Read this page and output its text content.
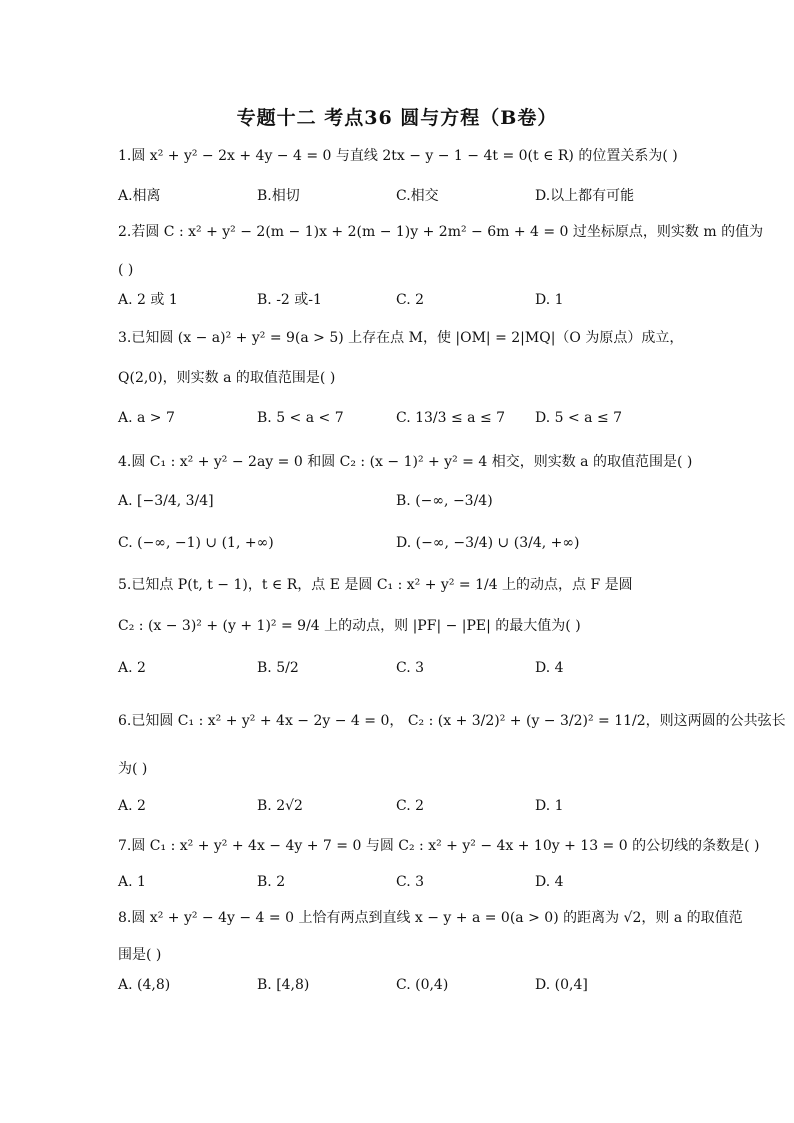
专题十二 考点36 圆与方程（B卷）
1.圆 x² + y² − 2x + 4y − 4 = 0 与直线 2tx − y − 1 − 4t = 0(t ∈ R) 的位置关系为( )
A.相离	B.相切	C.相交	D.以上都有可能
2.若圆 C : x² + y² − 2(m − 1)x + 2(m − 1)y + 2m² − 6m + 4 = 0 过坐标原点，则实数 m 的值为
( )
A. 2 或 1	B. -2 或-1	C. 2	D. 1
3.已知圆 (x − a)² + y² = 9(a > 5) 上存在点 M，使 |OM| = 2|MQ|（O 为原点）成立，
Q(2,0)，则实数 a 的取值范围是( )
A. a > 7	B. 5 < a < 7	C. 13/3 ≤ a ≤ 7 D. 5 < a ≤ 7
4.圆 C₁ : x² + y² − 2ay = 0 和圆 C₂ : (x − 1)² + y² = 4 相交，则实数 a 的取值范围是( )
A. [−3/4, 3/4]	B. (−∞, −3/4)
C. (−∞, −1) ∪ (1, +∞)	D. (−∞, −3/4) ∪ (3/4, +∞)
5.已知点 P(t, t − 1)，t ∈ R，点 E 是圆 C₁ : x² + y² = 1/4 上的动点，点 F 是圆
C₂ : (x − 3)² + (y + 1)² = 9/4 上的动点，则 |PF| − |PE| 的最大值为( )
A. 2	B. 5/2	C. 3	D. 4
6.已知圆 C₁ : x² + y² + 4x − 2y − 4 = 0， C₂ : (x + 3/2)² + (y − 3/2)² = 11/2，则这两圆的公共弦长
为( )
A. 2	B. 2√2	C. 2	D. 1
7.圆 C₁ : x² + y² + 4x − 4y + 7 = 0 与圆 C₂ : x² + y² − 4x + 10y + 13 = 0 的公切线的条数是( )
A. 1	B. 2	C. 3	D. 4
8.圆 x² + y² − 4y − 4 = 0 上恰有两点到直线 x − y + a = 0(a > 0) 的距离为 √2，则 a 的取值范
围是( )
A. (4,8)	B. [4,8)	C. (0,4)	D. (0,4]
